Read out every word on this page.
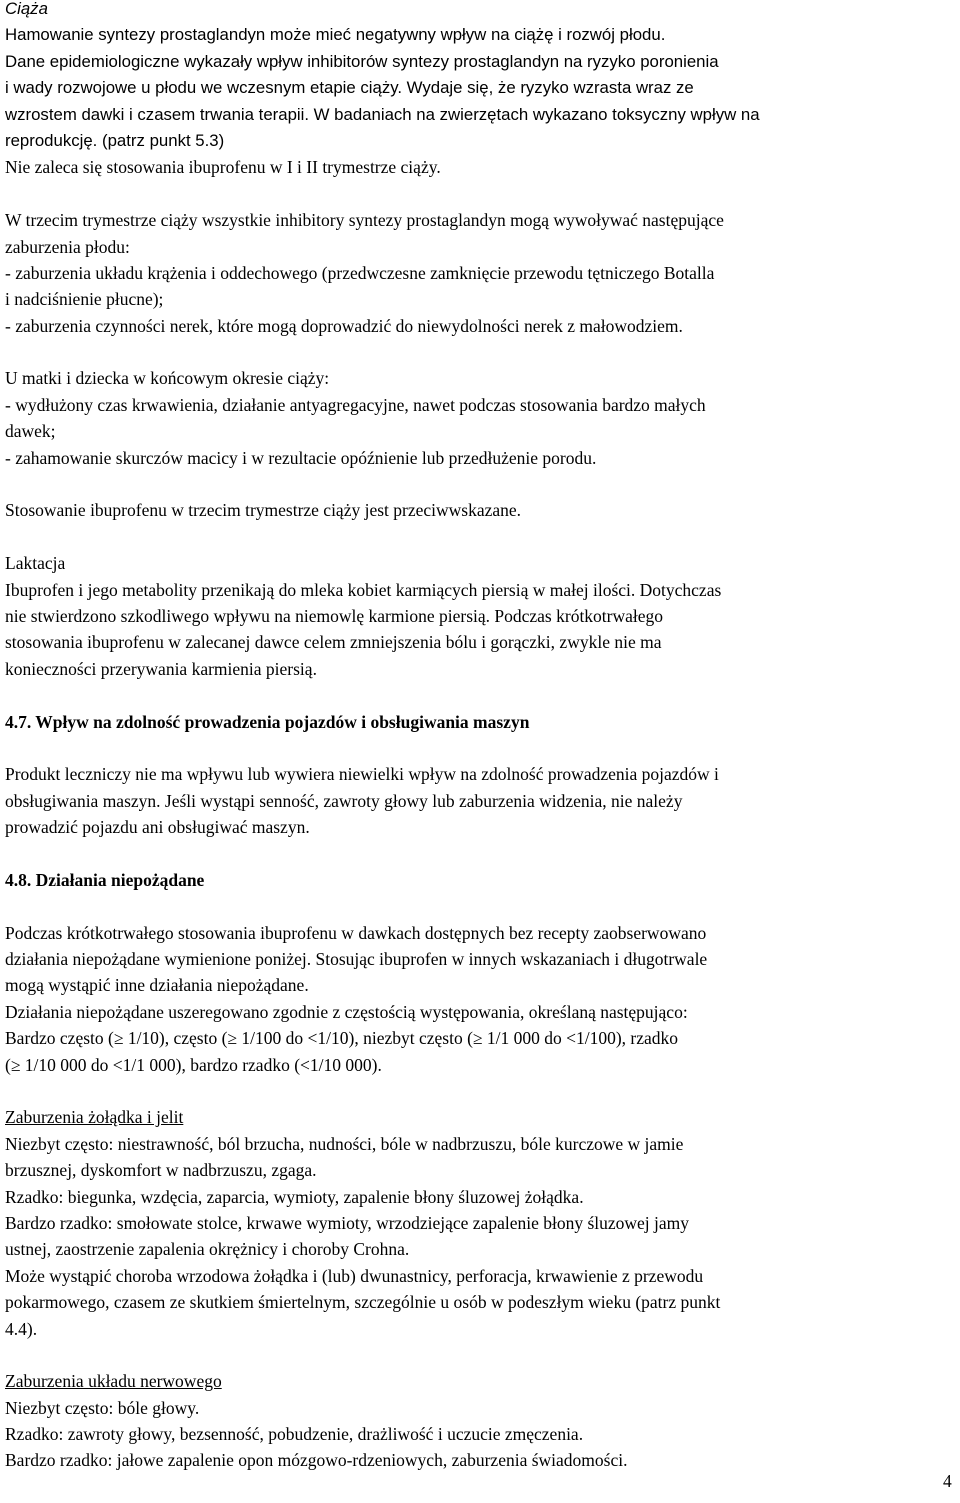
Ciąża
Hamowanie syntezy prostaglandyn może mieć negatywny wpływ na ciążę i rozwój płodu.
Dane epidemiologiczne wykazały wpływ inhibitorów syntezy prostaglandyn na ryzyko poronienia
i wady rozwojowe u płodu we wczesnym etapie ciąży. Wydaje się, że ryzyko wzrasta wraz ze
wzrostem dawki i czasem trwania terapii. W badaniach na zwierzętach wykazano toksyczny wpływ na
reprodukcję. (patrz punkt 5.3)
Nie zaleca się stosowania ibuprofenu w I i II trymestrze ciąży.
W trzecim trymestrze ciąży wszystkie inhibitory syntezy prostaglandyn mogą wywoływać następujące
zaburzenia płodu:
- zaburzenia układu krążenia i oddechowego (przedwczesne zamknięcie przewodu tętniczego Botalla
i nadciśnienie płucne);
- zaburzenia czynności nerek, które mogą doprowadzić do niewydolności nerek z małowodziem.
U matki i dziecka w końcowym okresie ciąży:
- wydłużony czas krwawienia, działanie antyagregacyjne, nawet podczas stosowania bardzo małych
dawek;
- zahamowanie skurczów macicy i w rezultacie opóźnienie lub przedłużenie porodu.
Stosowanie ibuprofenu w trzecim trymestrze ciąży jest przeciwwskazane.
Laktacja
Ibuprofen i jego metabolity przenikają do mleka kobiet karmiących piersią w małej ilości. Dotychczas
nie stwierdzono szkodliwego wpływu na niemowlę karmione piersią. Podczas krótkotrwałego
stosowania ibuprofenu w zalecanej dawce celem zmniejszenia bólu i gorączki, zwykle nie ma
konieczności przerywania karmienia piersią.
4.7. Wpływ na zdolność prowadzenia pojazdów i obsługiwania maszyn
Produkt leczniczy nie ma wpływu lub wywiera niewielki wpływ na zdolność prowadzenia pojazdów i
obsługiwania maszyn. Jeśli wystąpi senność, zawroty głowy lub zaburzenia widzenia, nie należy
prowadzić pojazdu ani obsługiwać maszyn.
4.8. Działania niepożądane
Podczas krótkotrwałego stosowania ibuprofenu w dawkach dostępnych bez recepty zaobserwowano
działania niepożądane wymienione poniżej. Stosując ibuprofen w innych wskazaniach i długotrwale
mogą wystąpić inne działania niepożądane.
Działania niepożądane uszeregowano zgodnie z częstością występowania, określaną następująco:
Bardzo często (≥ 1/10), często (≥ 1/100 do <1/10), niezbyt często (≥ 1/1 000 do <1/100), rzadko
(≥ 1/10 000 do <1/1 000), bardzo rzadko (<1/10 000).
Zaburzenia żołądka i jelit
Niezbyt często: niestrawność, ból brzucha, nudności, bóle w nadbrzuszu, bóle kurczowe w jamie
brzusznej, dyskomfort w nadbrzuszu, zgaga.
Rzadko: biegunka, wzdęcia, zaparcia, wymioty, zapalenie błony śluzowej żołądka.
Bardzo rzadko: smołowate stolce, krwawe wymioty, wrzodziejące zapalenie błony śluzowej jamy
ustnej, zaostrzenie zapalenia okrężnicy i choroby Crohna.
Może wystąpić choroba wrzodowa żołądka i (lub) dwunastnicy, perforacja, krwawienie z przewodu
pokarmowego, czasem ze skutkiem śmiertelnym, szczególnie u osób w podeszłym wieku (patrz punkt
4.4).
Zaburzenia układu nerwowego
Niezbyt często: bóle głowy.
Rzadko: zawroty głowy, bezsenność, pobudzenie, drażliwość i uczucie zmęczenia.
Bardzo rzadko: jałowe zapalenie opon mózgowo-rdzeniowych, zaburzenia świadomości.
4
